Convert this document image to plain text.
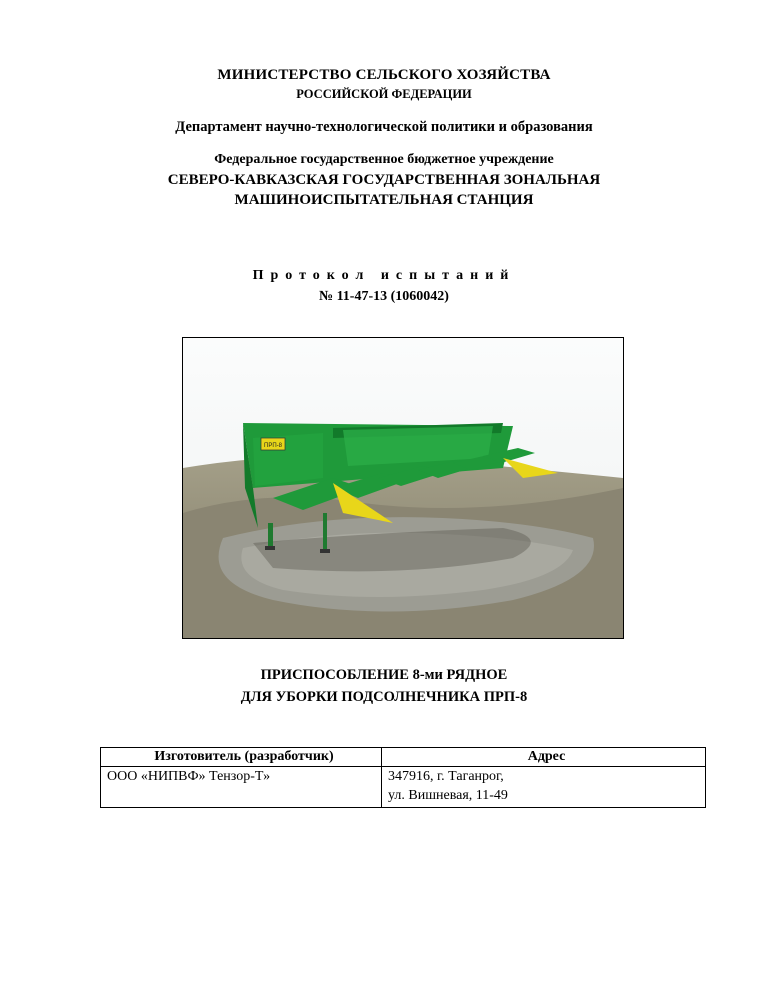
МИНИСТЕРСТВО СЕЛЬСКОГО ХОЗЯЙСТВА
РОССИЙСКОЙ ФЕДЕРАЦИИ
Департамент научно-технологической политики и образования
Федеральное государственное бюджетное учреждение
СЕВЕРО-КАВКАЗСКАЯ ГОСУДАРСТВЕННАЯ ЗОНАЛЬНАЯ
МАШИНОИСПЫТАТЕЛЬНАЯ СТАНЦИЯ
Протокол испытаний
№ 11-47-13 (1060042)
ПРП-8
ПРИСПОСОБЛЕНИЕ 8-ми РЯДНОЕ
ДЛЯ УБОРКИ ПОДСОЛНЕЧНИКА ПРП-8
Изготовитель (разработчик)	Адрес
ООО «НИПВФ» Тензор-Т»	347916, г. Таганрог,
ул. Вишневая, 11-49
